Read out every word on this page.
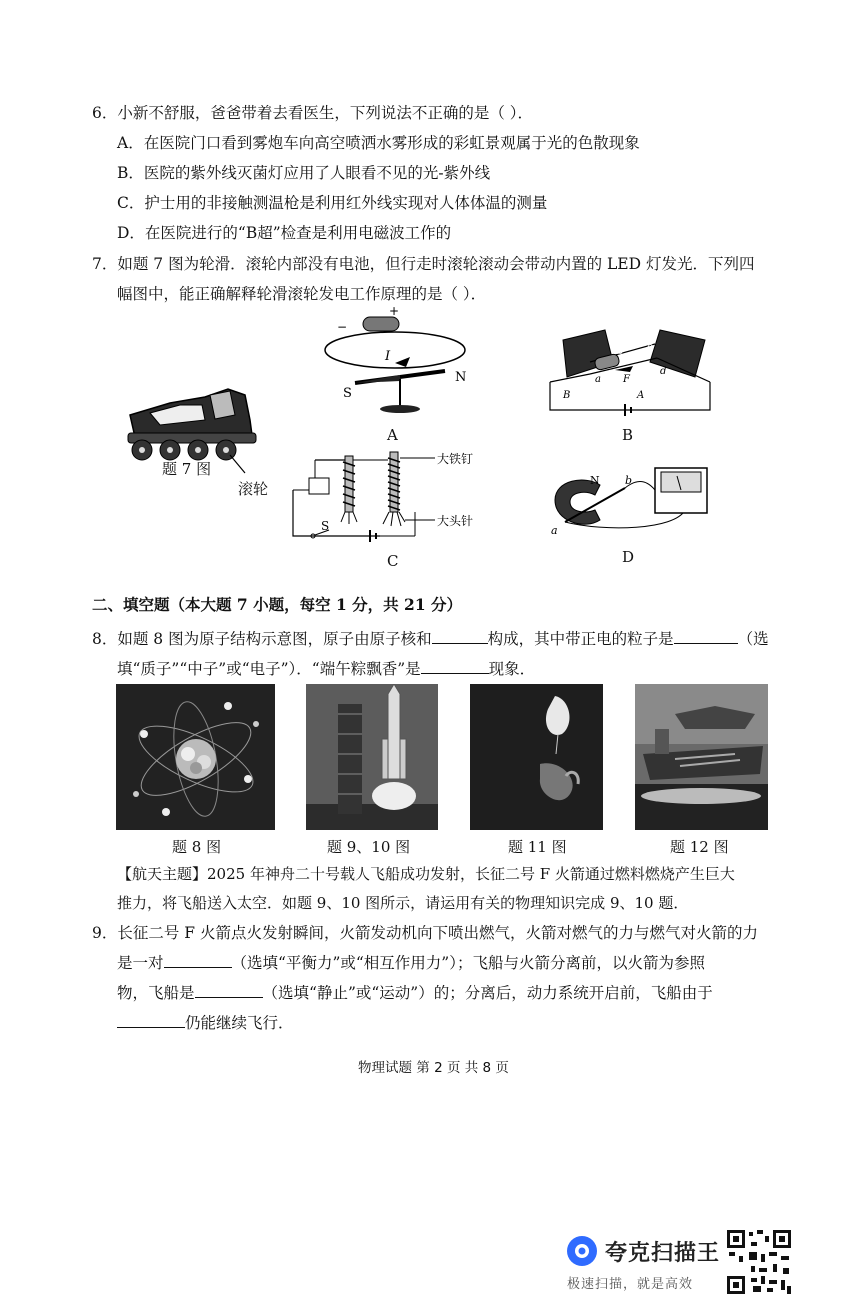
6．小新不舒服，爸爸带着去看医生，下列说法不正确的是（ ）．
A．在医院门口看到雾炮车向高空喷洒水雾形成的彩虹景观属于光的色散现象
B．医院的紫外线灭菌灯应用了人眼看不见的光-紫外线
C．护士用的非接触测温枪是利用红外线实现对人体体温的测量
D．在医院进行的“B超”检查是利用电磁波工作的
7．如题 7 图为轮滑．滚轮内部没有电池，但行走时滚轮滚动会带动内置的 LED 灯发光．下列四
幅图中，能正确解释轮滑滚轮发电工作原理的是（ ）．
题 7 图
滚轮
+
−
I
S
N
A
b c
a
d
F
B	A
B
大铁钉
大头针
S
C
N b
a
D
二、填空题（本大题 7 小题，每空 1 分，共 21 分）
8．如题 8 图为原子结构示意图，原子由原子核和	构成，其中带正电的粒子是	（选
填“质子”“中子”或“电子”）．“端午粽飘香”是	现象．
题 8 图	题 9、10 图	题 11 图	题 12 图
【航天主题】2025 年神舟二十号载人飞船成功发射，长征二号 F 火箭通过燃料燃烧产生巨大
推力，将飞船送入太空．如题 9、10 图所示，请运用有关的物理知识完成 9、10 题．
9．长征二号 F 火箭点火发射瞬间，火箭发动机向下喷出燃气，火箭对燃气的力与燃气对火箭的力
是一对	（选填“平衡力”或“相互作用力”）；飞船与火箭分离前，以火箭为参照
物，飞船是	（选填“静止”或“运动”）的；分离后，动力系统开启前，飞船由于
仍能继续飞行．
物理试题 第 2 页 共 8 页
夸克扫描王
极速扫描，就是高效
